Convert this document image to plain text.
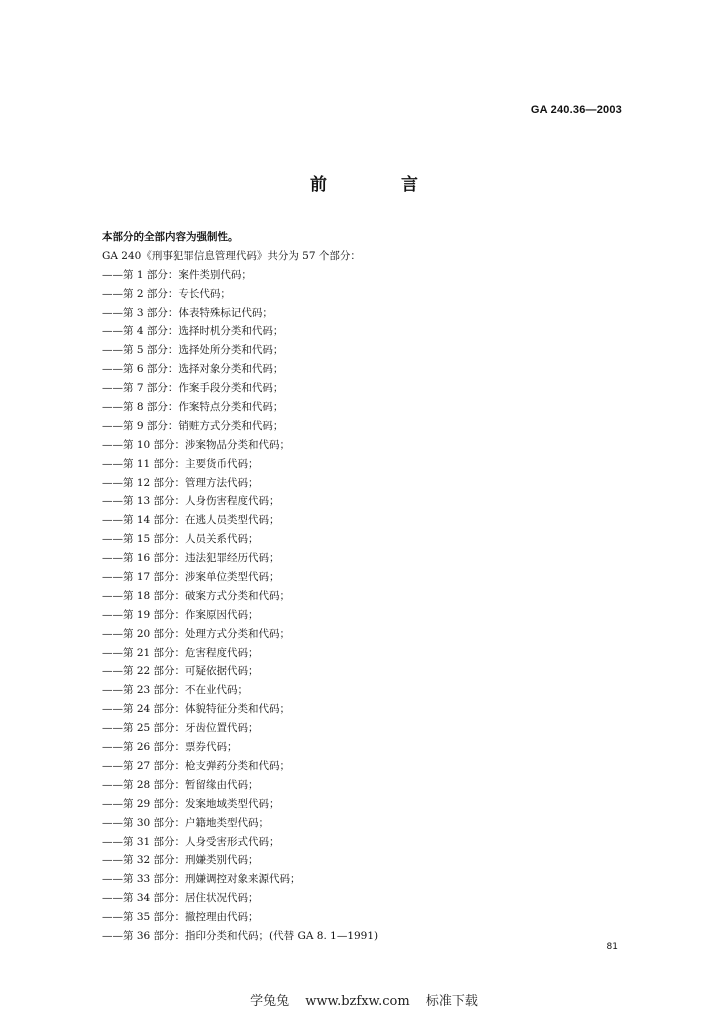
GA 240.36—2003
前 言
本部分的全部内容为强制性。
GA 240《刑事犯罪信息管理代码》共分为 57 个部分：
——第 1 部分：案件类别代码；
——第 2 部分：专长代码；
——第 3 部分：体表特殊标记代码；
——第 4 部分：选择时机分类和代码；
——第 5 部分：选择处所分类和代码；
——第 6 部分：选择对象分类和代码；
——第 7 部分：作案手段分类和代码；
——第 8 部分：作案特点分类和代码；
——第 9 部分：销赃方式分类和代码；
——第 10 部分：涉案物品分类和代码；
——第 11 部分：主要货币代码；
——第 12 部分：管理方法代码；
——第 13 部分：人身伤害程度代码；
——第 14 部分：在逃人员类型代码；
——第 15 部分：人员关系代码；
——第 16 部分：违法犯罪经历代码；
——第 17 部分：涉案单位类型代码；
——第 18 部分：破案方式分类和代码；
——第 19 部分：作案原因代码；
——第 20 部分：处理方式分类和代码；
——第 21 部分：危害程度代码；
——第 22 部分：可疑依据代码；
——第 23 部分：不在业代码；
——第 24 部分：体貌特征分类和代码；
——第 25 部分：牙齿位置代码；
——第 26 部分：票券代码；
——第 27 部分：枪支弹药分类和代码；
——第 28 部分：暂留缘由代码；
——第 29 部分：发案地域类型代码；
——第 30 部分：户籍地类型代码；
——第 31 部分：人身受害形式代码；
——第 32 部分：刑嫌类别代码；
——第 33 部分：刑嫌调控对象来源代码；
——第 34 部分：居住状况代码；
——第 35 部分：撤控理由代码；
——第 36 部分：指印分类和代码；(代替 GA 8. 1—1991)
81
学兔兔 www.bzfxw.com 标准下载
